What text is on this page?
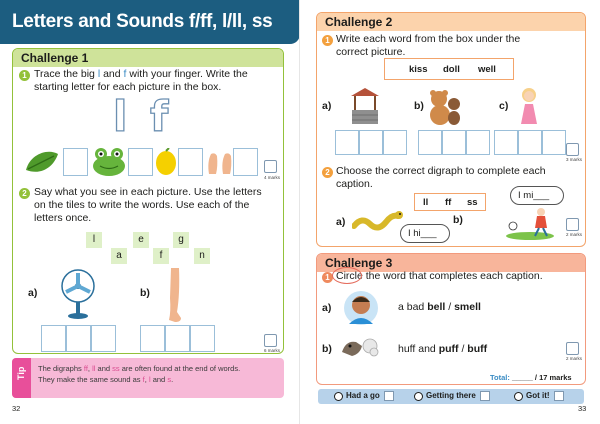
Letters and Sounds f/ff, l/ll, ss
Challenge 1
1 Trace the big l and f with your finger. Write the
starting letter for each picture in the box.
l f
4 marks
2 Say what you see in each picture. Use the letters
on the tiles to write the words. Use each of the
letters once.
l	e	g
a	f	n
a)	b)
6 marks
Tip The digraphs ff, ll and ss are often found at the end of words.
They make the same sound as f, l and s.
32
Challenge 2
1 Write each word from the box under the
correct picture.
kiss doll well
a)	b)	c)
3 marks
2 Choose the correct digraph to complete each
caption.
ll ff ss
a)
I hi___
b)
I mi___
2 marks
Challenge 3
1 Circle the word that completes each caption.
a)	a bad bell / smell
b)	huff and puff / buff
2 marks
Total: _____ / 17 marks
Had a go	Getting there	Got it!
33
